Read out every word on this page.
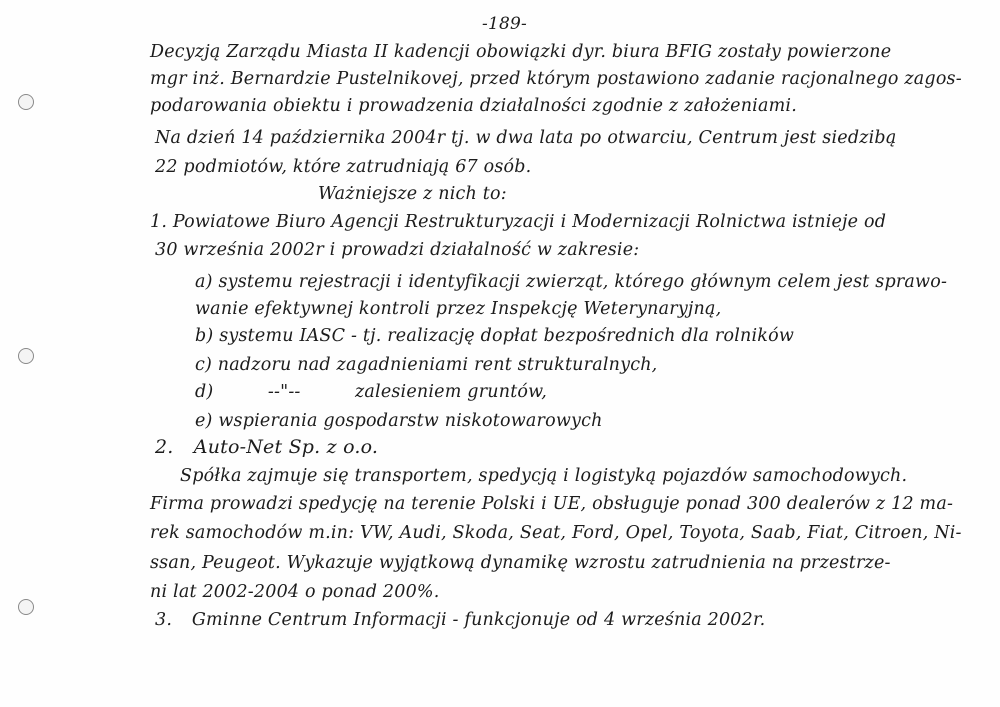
-189-
Decyzją Zarządu Miasta II kadencji obowiązki dyr. biura BFIG zostały powierzone
mgr inż. Bernardzie Pustelnikovej, przed którym postawiono zadanie racjonalnego zagos-
podarowania obiektu i prowadzenia działalności zgodnie z założeniami.
Na dzień 14 października 2004r tj. w dwa lata po otwarciu, Centrum jest siedzibą
22 podmiotów, które zatrudniają 67 osób.
Ważniejsze z nich to:
1. Powiatowe Biuro Agencji Restrukturyzacji i Modernizacji Rolnictwa istnieje od
30 września 2002r i prowadzi działalność w zakresie:
a) systemu rejestracji i identyfikacji zwierząt, którego głównym celem jest sprawo-
wanie efektywnej kontroli przez Inspekcję Weterynaryjną,
b) systemu IASC - tj. realizację dopłat bezpośrednich dla rolników
c) nadzoru nad zagadnieniami rent strukturalnych,
d)	--"--	zalesieniem gruntów,
e) wspierania gospodarstw niskotowarowych
2. Auto-Net Sp. z o.o.
Spółka zajmuje się transportem, spedycją i logistyką pojazdów samochodowych.
Firma prowadzi spedycję na terenie Polski i UE, obsługuje ponad 300 dealerów z 12 ma-
rek samochodów m.in: VW, Audi, Skoda, Seat, Ford, Opel, Toyota, Saab, Fiat, Citroen, Ni-
ssan, Peugeot. Wykazuje wyjątkową dynamikę wzrostu zatrudnienia na przestrze-
ni lat 2002-2004 o ponad 200%.
3. Gminne Centrum Informacji - funkcjonuje od 4 września 2002r.
